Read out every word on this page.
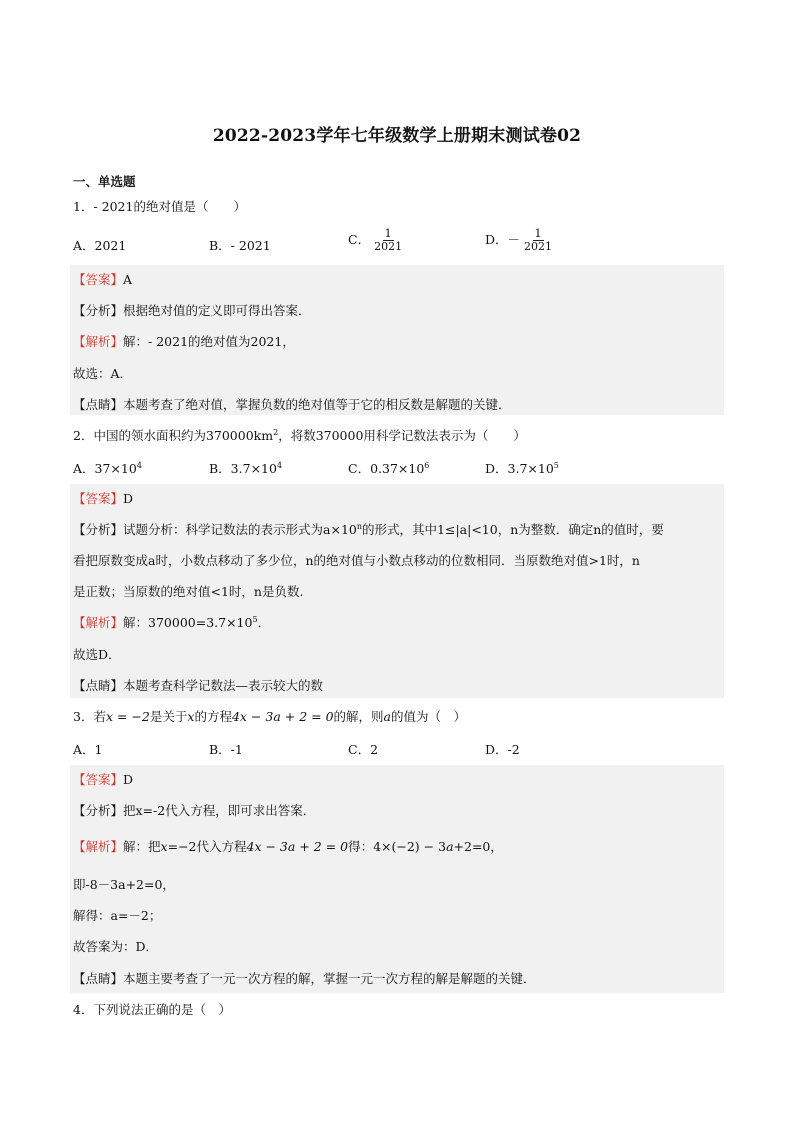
2022-2023学年七年级数学上册期末测试卷02
一、单选题
1．- 2021的绝对值是（　　）
A．2021	B．- 2021	C． $\frac{1}{2021}$	D．－ $\frac{1}{2021}$
【答案】A
【分析】根据绝对值的定义即可得出答案．
【解析】解：- 2021的绝对值为2021，
故选：A．
【点睛】本题考查了绝对值，掌握负数的绝对值等于它的相反数是解题的关键．
2．中国的领水面积约为$370000km^2$，将数370000用科学记数法表示为（　　）
A．$37\times 10^4$	B．$3.7\times 10^4$	C．$0.37\times 10^6$	D．$3.7\times 10^5$
【答案】D
【分析】试题分析：科学记数法的表示形式为$a\times 10^n$的形式，其中1≤|a|<10，n为整数．确定n的值时，要
看把原数变成a时，小数点移动了多少位，n的绝对值与小数点移动的位数相同．当原数绝对值>1时，n
是正数；当原数的绝对值<1时，n是负数.
【解析】解：$370000=3.7\times 10^5$．
故选D．
【点睛】本题考查科学记数法—表示较大的数
3．若x = −2是关于x的方程4x − 3a + 2 = 0的解，则a的值为（　）
A．1	B．-1	C．2	D．-2
【答案】D
【分析】把x=-2代入方程，即可求出答案．
【解析】解：把x=−2代入方程4x − 3a + 2 = 0得：4×(−2) − 3a+2=0，
即-8－3a+2=0，
解得：a=－2；
故答案为：D．
【点睛】本题主要考查了一元一次方程的解，掌握一元一次方程的解是解题的关键．
4．下列说法正确的是（　）
